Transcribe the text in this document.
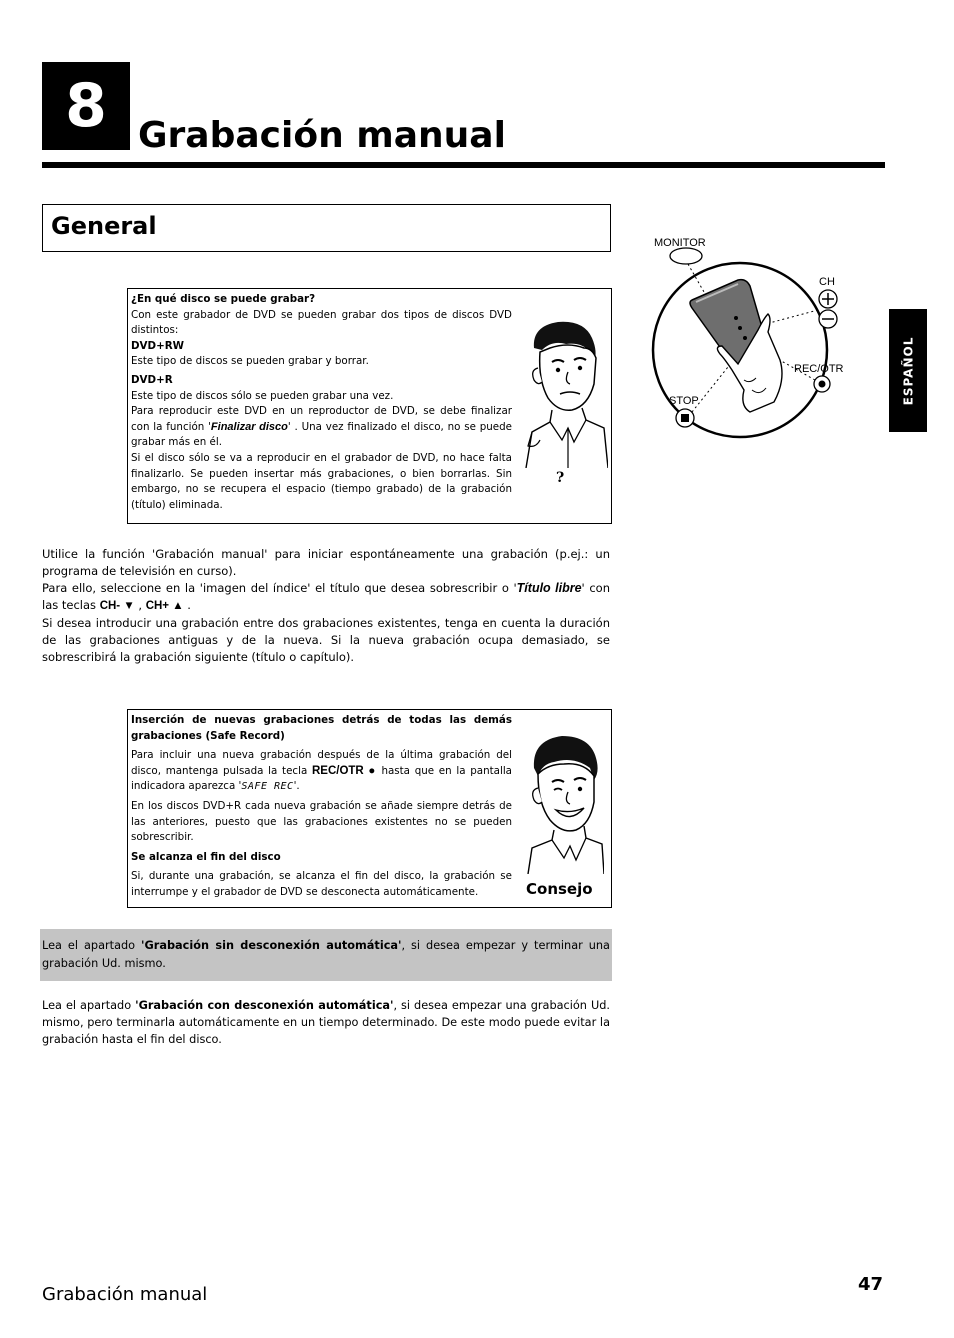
8 Grabación manual
General
MONITOR
CH
REC/OTR
STOP	ESPAÑOL

¿En qué disco se puede grabar?

Con este grabador de DVD se pueden grabar dos tipos de discos DVD distintos:

DVD+RW

Este tipo de discos se pueden grabar y borrar.

DVD+R

Este tipo de discos sólo se pueden grabar una vez.

Para reproducir este DVD en un reproductor de DVD, se debe finalizar con la función 'Finalizar disco' . Una vez finalizado el disco, no se puede grabar más en él.

Si el disco sólo se va a reproducir en el grabador de DVD, no hace falta finalizarlo. Se pueden insertar más grabaciones, o bien borrarlas. Sin embargo, no se recupera el espacio (tiempo grabado) de la grabación (título) eliminada.

?

Utilice la función 'Grabación manual' para iniciar espontáneamente una grabación (p.ej.: un programa de televisión en curso).

Para ello, seleccione en la 'imagen del índice' el título que desea sobrescribir o 'Título libre' con las teclas CH- ▼ , CH+ ▲ .

Si desea introducir una grabación entre dos grabaciones existentes, tenga en cuenta la duración de las grabaciones antiguas y de la nueva. Si la nueva grabación ocupa demasiado, se sobrescribirá la grabación siguiente (título o capítulo).

Inserción de nuevas grabaciones detrás de todas las demás grabaciones (Safe Record)

Para incluir una nueva grabación después de la última grabación del disco, mantenga pulsada la tecla REC/OTR ● hasta que en la pantalla indicadora aparezca 'SAFE REC'.

En los discos DVD+R cada nueva grabación se añade siempre detrás de las anteriores, puesto que las grabaciones existentes no se pueden sobrescribir.

Se alcanza el fin del disco

Si, durante una grabación, se alcanza el fin del disco, la grabación se interrumpe y el grabador de DVD se desconecta automáticamente.	Consejo

Lea el apartado 'Grabación sin desconexión automática', si desea empezar y terminar una grabación Ud. mismo.

Lea el apartado 'Grabación con desconexión automática', si desea empezar una grabación Ud. mismo, pero terminarla automáticamente en un tiempo determinado. De este modo puede evitar la grabación hasta el fin del disco.

Grabación manual	47
